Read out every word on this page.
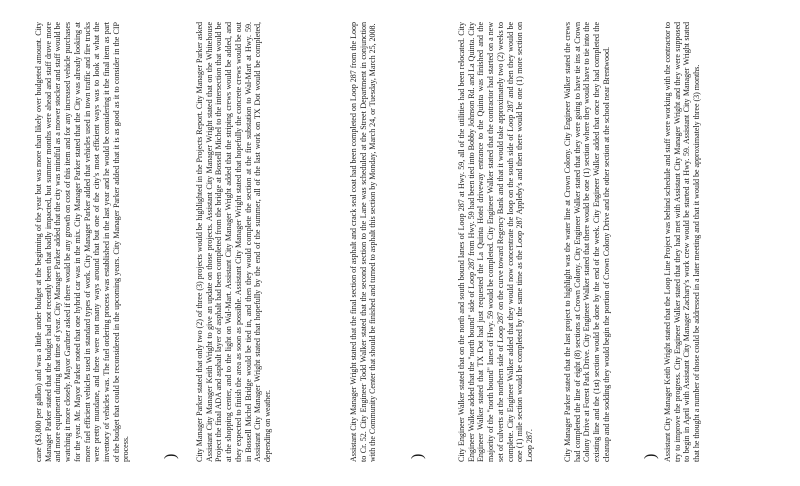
cane ($3,800 per gallon) and was a little under budget at the beginning of the year but was more than likely over budgeted amount. City Manager Parker stated that the budget had not recently been that badly impacted, but summer months were ahead and staff drove more and more equipment during that time of year. City Manager Parker added that the city was mindful as a mower stocker and staff would be watching it more closely. Mayor Gardner asked if there would be any growth on cost of this item and for any increased vehicle purchases for the year. Mr. Mayor Parker noted that one hybrid car was in the mix. City Manager Parker stated that the City was already looking at more fuel efficient vehicles used in standard types of work. City Manager Parker added that vehicles used in town traffic and fire trucks were pretty mundane, and there were not many ways around that but one of the city's most efficient ways was to look at what the inventory of vehicles was. The fuel ordering process was established in the last year and he would be considering it the final item as part of the budget that could be reconsidered in the upcoming years. City Manager Parker added that it is as good as it to consider in the CIP process. ) City Manager Parker stated that only two (2) of three (3) projects would be highlighted in the Projects Report. City Manager Parker asked Assistant City Manager Keith Wright to give an update on those projects. Assistant City Manager Wright stated that on the Whitehouse Project the final ADA and asphalt layer of asphalt had been completed from the bridge at Bossell Michel to the intersection that would be at the shopping center, and to the light on Wal-Mart. Assistant City Manager Wright added that the striping crews would be added, and they expected to finish the area as soon as possible. Assistant City Manager Wright stated that hopefully the concrete crews would be out in Bossell Michel Bridge would be tied in, and then they would complete the section at the fire substation to Wal-Mart at Hwy. 59. Assistant City Manager Wright stated that hopefully by the end of the summer, all of the last work on TX Dot would be completed, depending on weather.	Assistant City Manager Wright stated that the final section of asphalt and crack seal coat had been completed on Loop 287 from the Loop to Cr. 52. City Engineer Todd Walker stated that the second section to the Lane was scheduled at the Street Department in conjunction with the Community Center that should be finished and turned to asphalt this section by Monday, March 24, or Tuesday, March 25, 2008. )	City Engineer Walker stated that on the north and south bound lanes of Loop 287 at Hwy. 59, all of the utilities had been relocated. City Engineer Walker added that the "north bound" side of Loop 287 from Hwy. 59 had been tied into Bobby Johnson Rd. and La Quinta. City Engineer Walker stated that TX Dot had just requested the La Quinta Hotel driveway entrance to the Quinta was finished and the majority of the "north bound" lanes of Hwy. 59 would be completed. City Engineer Walker stated that the contractor had started on a new set of culverts at the northern side of Loop 287 on the curve toward Regency Bank and that it would take approximately two (2) weeks to complete. City Engineer Walker added that they would now concentrate the loop on the south side of Loop 287 and then they would be one (1) mile section would be completed by the same time as the Loop 287 Appleby's and then there would be one (1) more section on Loop 287.	City Manager Parker stated that the last project to highlight was the water line at Crown Colony. City Engineer Walker stated the crews had completed the line of eight (8) sections at Crown Colony. City Engineer Walker stated that they were going to have tie ins at Crown Colony Drive at Forest Park Drive. City Engineer Walker stated that there would be one (1) section where they would have to tie into the existing line and the (1st) section would be done by the end of the week. City Engineer Walker added that once they had completed the cleanup and the sodding they would begin the portion of Crown Colony Drive and the other section at the school near Brentwood. ) Assistant City Manager Keith Wright stated that the Loop Line Project was behind schedule and staff were working with the contractor to try to improve the progress. City Engineer Walker stated that they had met with Assistant City Manager Wright and they were supposed to begin in April with Assistant City Manager Zachary's work crew would be started at Hwy. 59. Assistant City Manager Wright stated that he thought a number of those could be addressed in a later meeting and that it would be approximately three (3) months.
